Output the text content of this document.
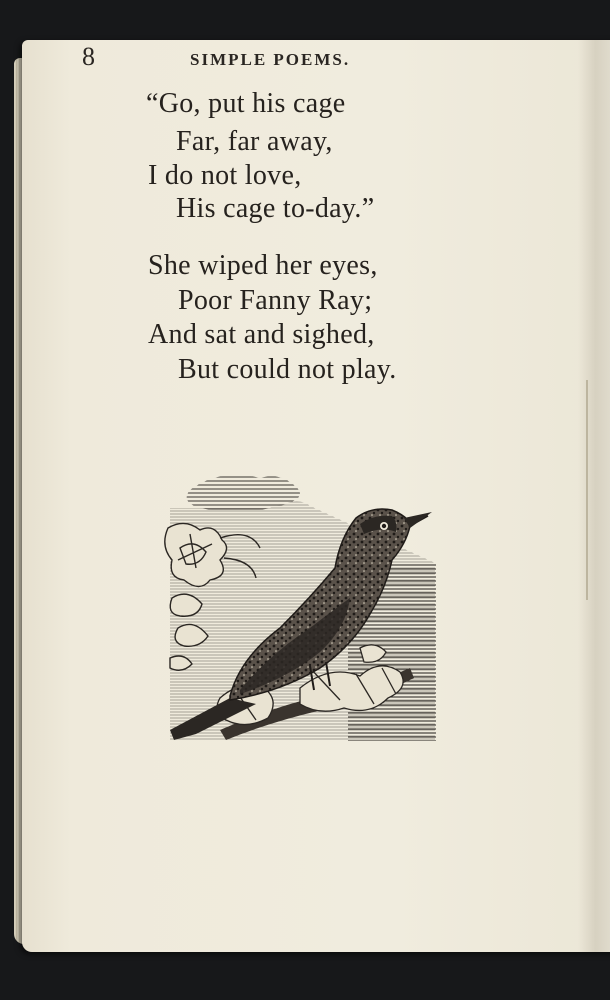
8	SIMPLE POEMS.
“Go, put his cage
Far, far away,
I do not love,
His cage to-day.”
She wiped her eyes,
Poor Fanny Ray;
And sat and sighed,
But could not play.
